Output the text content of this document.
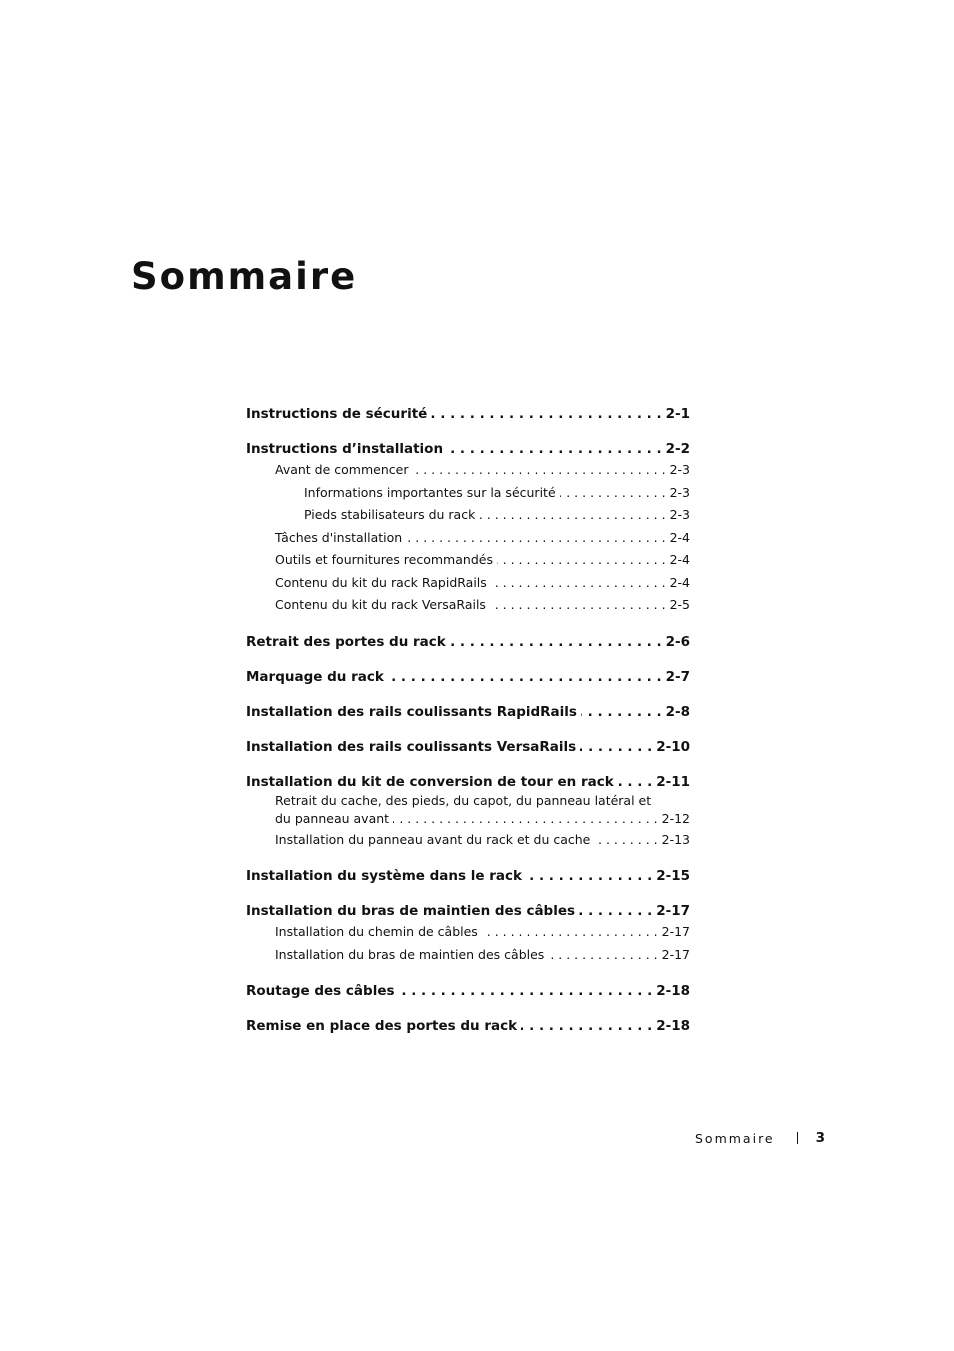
Sommaire
Instructions de sécurité . . .	2-1
Instructions d’installation . . .	2-2
Avant de commencer . . .	2-3
Informations importantes sur la sécurité . . .	2-3
Pieds stabilisateurs du rack . . .	2-3
Tâches d'installation . . .	2-4
Outils et fournitures recommandés . . .	2-4
Contenu du kit du rack RapidRails . . .	2-4
Contenu du kit du rack VersaRails . . .	2-5
Retrait des portes du rack . . .	2-6
Marquage du rack . . .	2-7
Installation des rails coulissants RapidRails . . .	2-8
Installation des rails coulissants VersaRails . . .	2-10
Installation du kit de conversion de tour en rack . . .	2-11
Retrait du cache, des pieds, du capot, du panneau latéral et
du panneau avant . . .	2-12
Installation du panneau avant du rack et du cache . . .	2-13
Installation du système dans le rack . . .	2-15
Installation du bras de maintien des câbles . . .	2-17
Installation du chemin de câbles . . .	2-17
Installation du bras de maintien des câbles . . .	2-17
Routage des câbles . . .	2-18
Remise en place des portes du rack . . .	2-18
Sommaire	3
